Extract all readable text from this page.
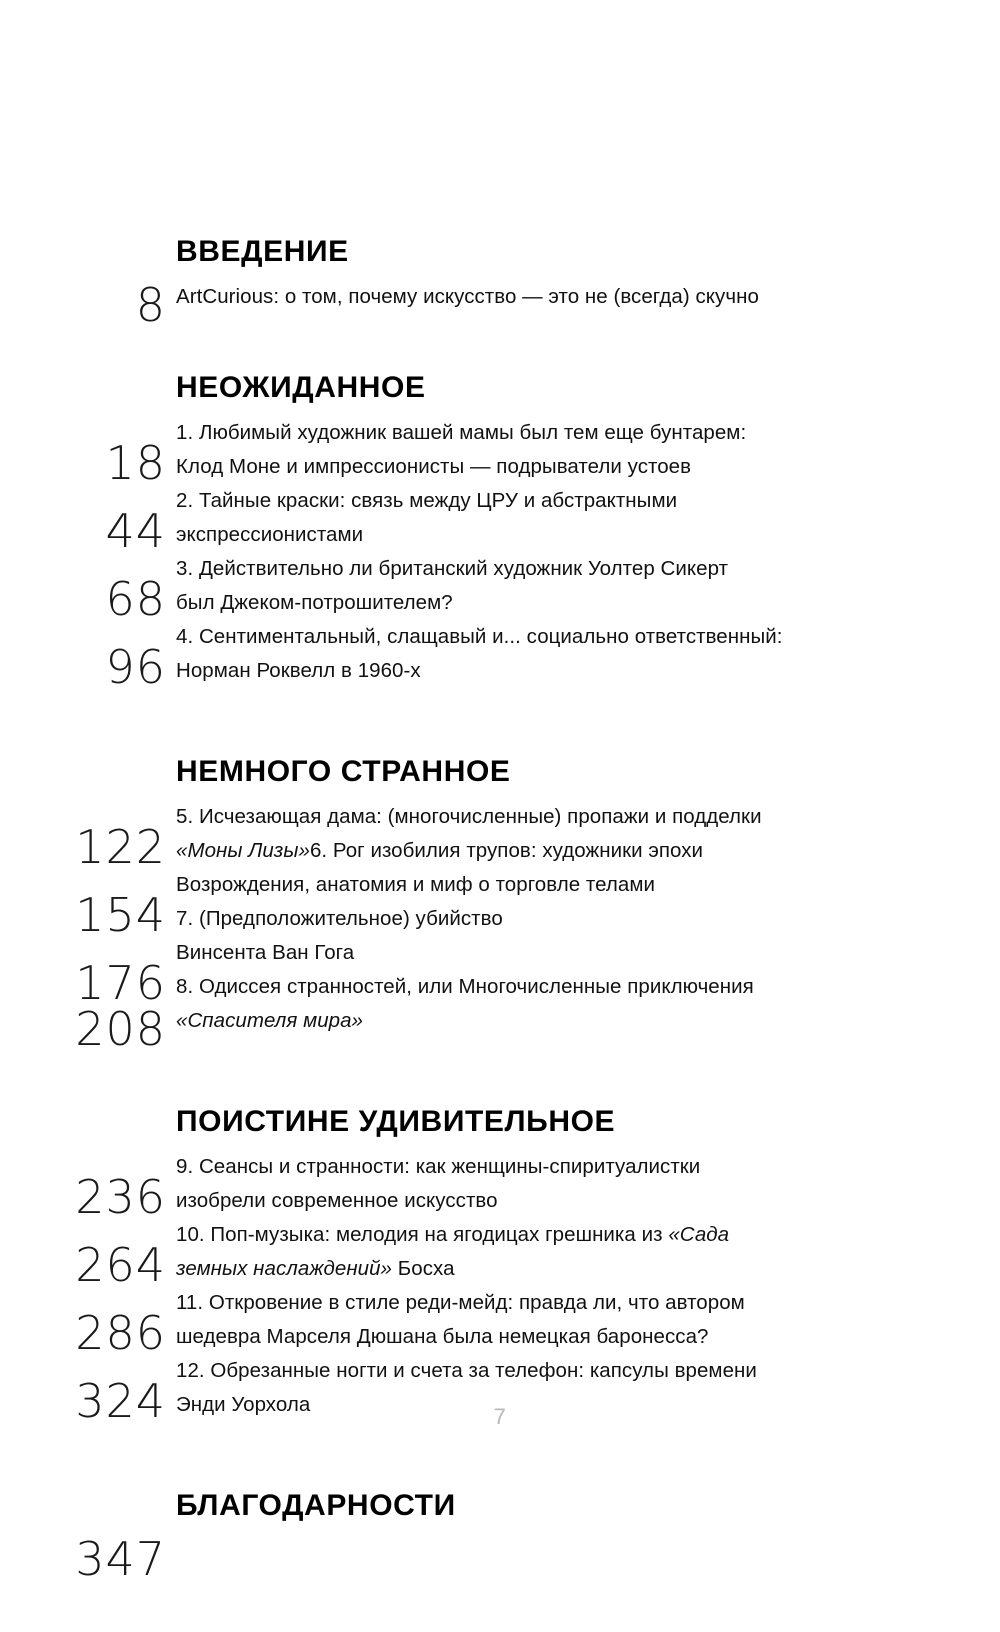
ВВЕДЕНИЕ
8 ArtCurious: о том, почему искусство — это не (всегда) скучно
НЕОЖИДАННОЕ
18
1. Любимый художник вашей мамы был тем еще бунтарем:
Клод Моне и импрессионисты — подрыватели устоев
44
2. Тайные краски: связь между ЦРУ и абстрактными
экспрессионистами
68
3. Действительно ли британский художник Уолтер Сикерт
был Джеком-потрошителем?
96
4. Сентиментальный, слащавый и... социально ответственный:
Норман Роквелл в 1960-х
НЕМНОГО СТРАННОЕ
122
5. Исчезающая дама: (многочисленные) пропажи и подделки
«Моны Лизы»6. Рог изобилия трупов: художники эпохи
154
Возрождения, анатомия и миф о торговле телами
7. (Предположительное) убийство
176
Винсента Ван Гога
8. Одиссея странностей, или Многочисленные приключения
208 «Спасителя мира»
ПОИСТИНЕ УДИВИТЕЛЬНОЕ
236
9. Сеансы и странности: как женщины-спиритуалистки
изобрели современное искусство
264
10. Поп-музыка: мелодия на ягодицах грешника из «Сада
земных наслаждений» Босха
286
11. Откровение в стиле реди-мейд: правда ли, что автором
шедевра Марселя Дюшана была немецкая баронесса?
324
12. Обрезанные ногти и счета за телефон: капсулы времени
Энди Уорхола
БЛАГОДАРНОСТИ
347
7
